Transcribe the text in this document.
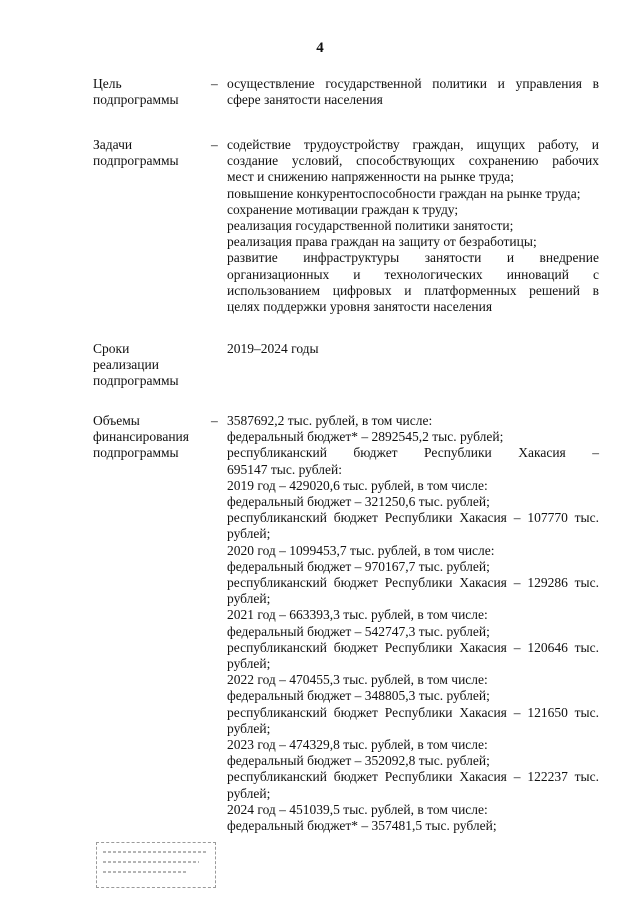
4
Цель
подпрограммы
– осуществление государственной политики и управления в
сфере занятости населения
Задачи
подпрограммы
– содействие трудоустройству граждан, ищущих работу, и
создание условий, способствующих сохранению рабочих
мест и снижению напряженности на рынке труда;
повышение конкурентоспособности граждан на рынке труда;
сохранение мотивации граждан к труду;
реализация государственной политики занятости;
реализация права граждан на защиту от безработицы;
развитие инфраструктуры занятости и внедрение
организационных и технологических инноваций с
использованием цифровых и платформенных решений в
целях поддержки уровня занятости населения
Сроки
реализации
подпрограммы
2019–2024 годы
Объемы
финансирования
подпрограммы
– 3587692,2 тыс. рублей, в том числе:
федеральный бюджет* – 2892545,2 тыс. рублей;
республиканский бюджет Республики Хакасия –
695147 тыс. рублей:
2019 год – 429020,6 тыс. рублей, в том числе:
федеральный бюджет – 321250,6 тыс. рублей;
республиканский бюджет Республики Хакасия – 107770 тыс.
рублей;
2020 год – 1099453,7 тыс. рублей, в том числе:
федеральный бюджет – 970167,7 тыс. рублей;
республиканский бюджет Республики Хакасия – 129286 тыс.
рублей;
2021 год – 663393,3 тыс. рублей, в том числе:
федеральный бюджет – 542747,3 тыс. рублей;
республиканский бюджет Республики Хакасия – 120646 тыс.
рублей;
2022 год – 470455,3 тыс. рублей, в том числе:
федеральный бюджет – 348805,3 тыс. рублей;
республиканский бюджет Республики Хакасия – 121650 тыс.
рублей;
2023 год – 474329,8 тыс. рублей, в том числе:
федеральный бюджет – 352092,8 тыс. рублей;
республиканский бюджет Республики Хакасия – 122237 тыс.
рублей;
2024 год – 451039,5 тыс. рублей, в том числе:
федеральный бюджет* – 357481,5 тыс. рублей;
